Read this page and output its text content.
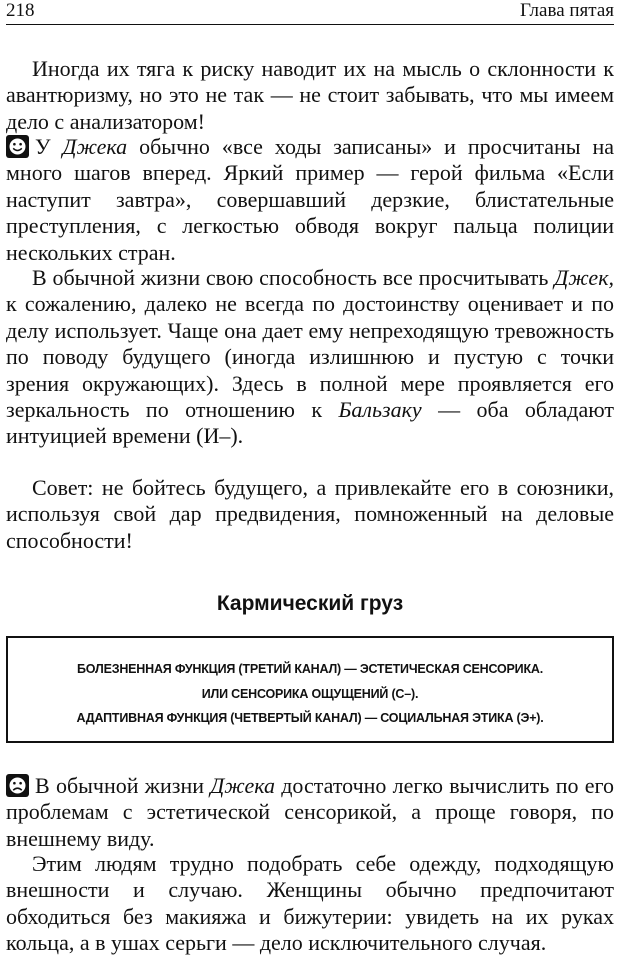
218	Глава пятая

Иногда их тяга к риску наводит их на мысль о склонности к авантюризму, но это не так — не стоит забывать, что мы имеем дело с анализатором!

У Джека обычно «все ходы записаны» и просчитаны на много шагов вперед. Яркий пример — герой фильма «Если наступит завтра», совершавший дерзкие, блистательные преступления, с легкостью обводя вокруг пальца полиции нескольких стран.

В обычной жизни свою способность все просчитывать Джек, к сожалению, далеко не всегда по достоинству оценивает и по делу использует. Чаще она дает ему непреходящую тревожность по поводу будущего (иногда излишнюю и пустую с точки зрения окружающих). Здесь в полной мере проявляется его зеркальность по отношению к Бальзаку — оба обладают интуицией времени (И–).

Совет: не бойтесь будущего, а привлекайте его в союзники, используя свой дар предвидения, помноженный на деловые способности!

Кармический груз
БОЛЕЗНЕННАЯ ФУНКЦИЯ (ТРЕТИЙ КАНАЛ) — ЭСТЕТИЧЕСКАЯ СЕНСОРИКА.
ИЛИ СЕНСОРИКА ОЩУЩЕНИЙ (С–).
АДАПТИВНАЯ ФУНКЦИЯ (ЧЕТВЕРТЫЙ КАНАЛ) — СОЦИАЛЬНАЯ ЭТИКА (Э+).

В обычной жизни Джека достаточно легко вычислить по его проблемам с эстетической сенсорикой, а проще говоря, по внешнему виду.

Этим людям трудно подобрать себе одежду, подходящую внешности и случаю. Женщины обычно предпочитают обходиться без макияжа и бижутерии: увидеть на их руках кольца, а в ушах серьги — дело исключительного случая.
